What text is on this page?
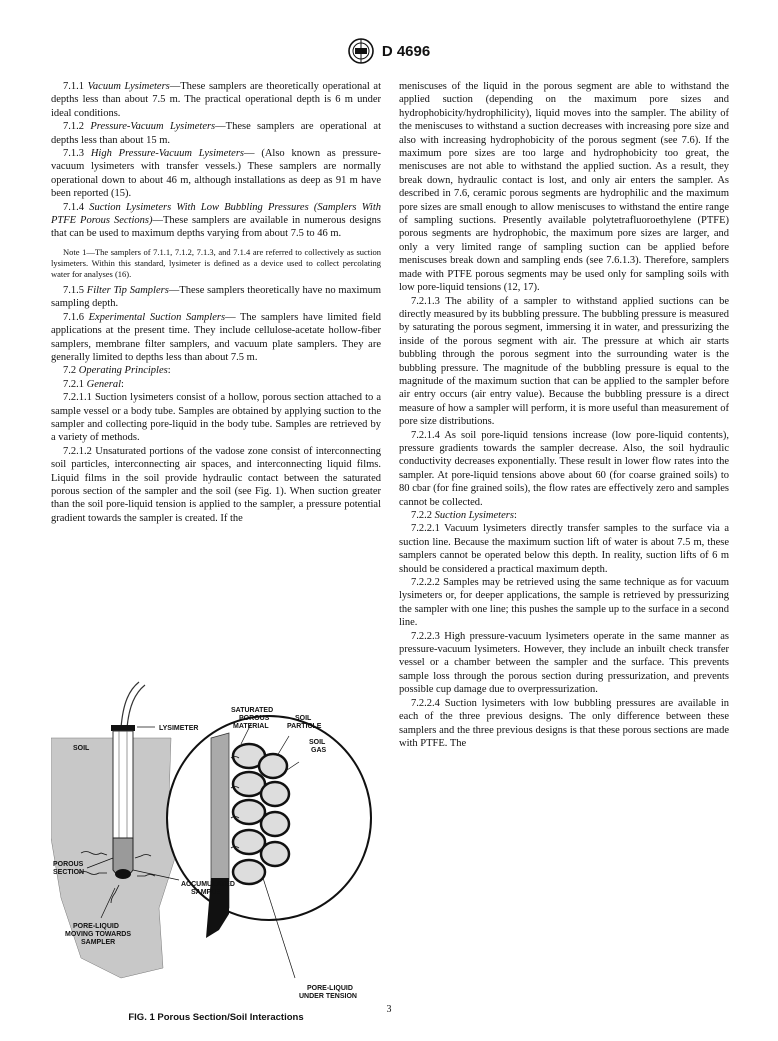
D 4696

7.1.1 Vacuum Lysimeters—These samplers are theoretically operational at depths less than about 7.5 m. The practical operational depth is 6 m under ideal conditions.

7.1.2 Pressure-Vacuum Lysimeters—These samplers are operational at depths less than about 15 m.

7.1.3 High Pressure-Vacuum Lysimeters— (Also known as pressure-vacuum lysimeters with transfer vessels.) These samplers are normally operational down to about 46 m, although installations as deep as 91 m have been reported (15).

7.1.4 Suction Lysimeters With Low Bubbling Pressures (Samplers With PTFE Porous Sections)—These samplers are available in numerous designs that can be used to maximum depths varying from about 7.5 to 46 m.

Note 1—The samplers of 7.1.1, 7.1.2, 7.1.3, and 7.1.4 are referred to collectively as suction lysimeters. Within this standard, lysimeter is defined as a device used to collect percolating water for analyses (16).

7.1.5 Filter Tip Samplers—These samplers theoretically have no maximum sampling depth.

7.1.6 Experimental Suction Samplers— The samplers have limited field applications at the present time. They include cellulose-acetate hollow-fiber samplers, membrane filter samplers, and vacuum plate samplers. They are generally limited to depths less than about 7.5 m.

7.2 Operating Principles:

7.2.1 General:

7.2.1.1 Suction lysimeters consist of a hollow, porous section attached to a sample vessel or a body tube. Samples are obtained by applying suction to the sampler and collecting pore-liquid in the body tube. Samples are retrieved by a variety of methods.

7.2.1.2 Unsaturated portions of the vadose zone consist of interconnecting soil particles, interconnecting air spaces, and interconnecting liquid films. Liquid films in the soil provide hydraulic contact between the saturated porous section of the sampler and the soil (see Fig. 1). When suction greater than the soil pore-liquid tension is applied to the sampler, a pressure potential gradient towards the sampler is created. If the

meniscuses of the liquid in the porous segment are able to withstand the applied suction (depending on the maximum pore sizes and hydrophobicity/hydrophilicity), liquid moves into the sampler. The ability of the meniscuses to withstand a suction decreases with increasing pore size and also with increasing hydrophobicity of the porous segment (see 7.6). If the maximum pore sizes are too large and hydrophobicity too great, the meniscuses are not able to withstand the applied suction. As a result, they break down, hydraulic contact is lost, and only air enters the sampler. As described in 7.6, ceramic porous segments are hydrophilic and the maximum pore sizes are small enough to allow meniscuses to withstand the entire range of sampling suctions. Presently available polytetrafluoroethylene (PTFE) porous segments are hydrophobic, the maximum pore sizes are larger, and only a very limited range of sampling suction can be applied before meniscuses break down and sampling ends (see 7.6.1.3). Therefore, samplers made with PTFE porous segments may be used only for sampling soils with low pore-liquid tensions (12, 17).

7.2.1.3 The ability of a sampler to withstand applied suctions can be directly measured by its bubbling pressure. The bubbling pressure is measured by saturating the porous segment, immersing it in water, and pressurizing the inside of the porous segment with air. The pressure at which air starts bubbling through the porous segment into the surrounding water is the bubbling pressure. The magnitude of the bubbling pressure is equal to the magnitude of the maximum suction that can be applied to the sampler before air entry occurs (air entry value). Because the bubbling pressure is a direct measure of how a sampler will perform, it is more useful than measurement of pore size distributions.

7.2.1.4 As soil pore-liquid tensions increase (low pore-liquid contents), pressure gradients towards the sampler decrease. Also, the soil hydraulic conductivity decreases exponentially. These result in lower flow rates into the sampler. At pore-liquid tensions above about 60 (for coarse grained soils) to 80 cbar (for fine grained soils), the flow rates are effectively zero and samples cannot be collected.

7.2.2 Suction Lysimeters:

7.2.2.1 Vacuum lysimeters directly transfer samples to the surface via a suction line. Because the maximum suction lift of water is about 7.5 m, these samplers cannot be operated below this depth. In reality, suction lifts of 6 m should be considered a practical maximum depth.

7.2.2.2 Samples may be retrieved using the same technique as for vacuum lysimeters or, for deeper applications, the sample is retrieved by pressurizing the sampler with one line; this pushes the sample up to the surface in a second line.

7.2.2.3 High pressure-vacuum lysimeters operate in the same manner as pressure-vacuum lysimeters. However, they include an inbuilt check transfer vessel or a chamber between the sampler and the surface. This prevents sample loss through the porous section during pressurization, and prevents possible cup damage due to overpressurization.

7.2.2.4 Suction lysimeters with low bubbling pressures are available in each of the three previous designs. The only difference between these samplers and the three previous designs is that these porous sections are made with PTFE. The

LYSIMETER
SOIL
POROUS
SECTION
PORE-LIQUID
MOVING TOWARDS
SAMPLER
SATURATED
POROUS
MATERIAL
SOIL
PARTICLE
SOIL
GAS
ACCUMULATED
SAMPLE
PORE-LIQUID
UNDER TENSION
FIG. 1 Porous Section/Soil Interactions
3
